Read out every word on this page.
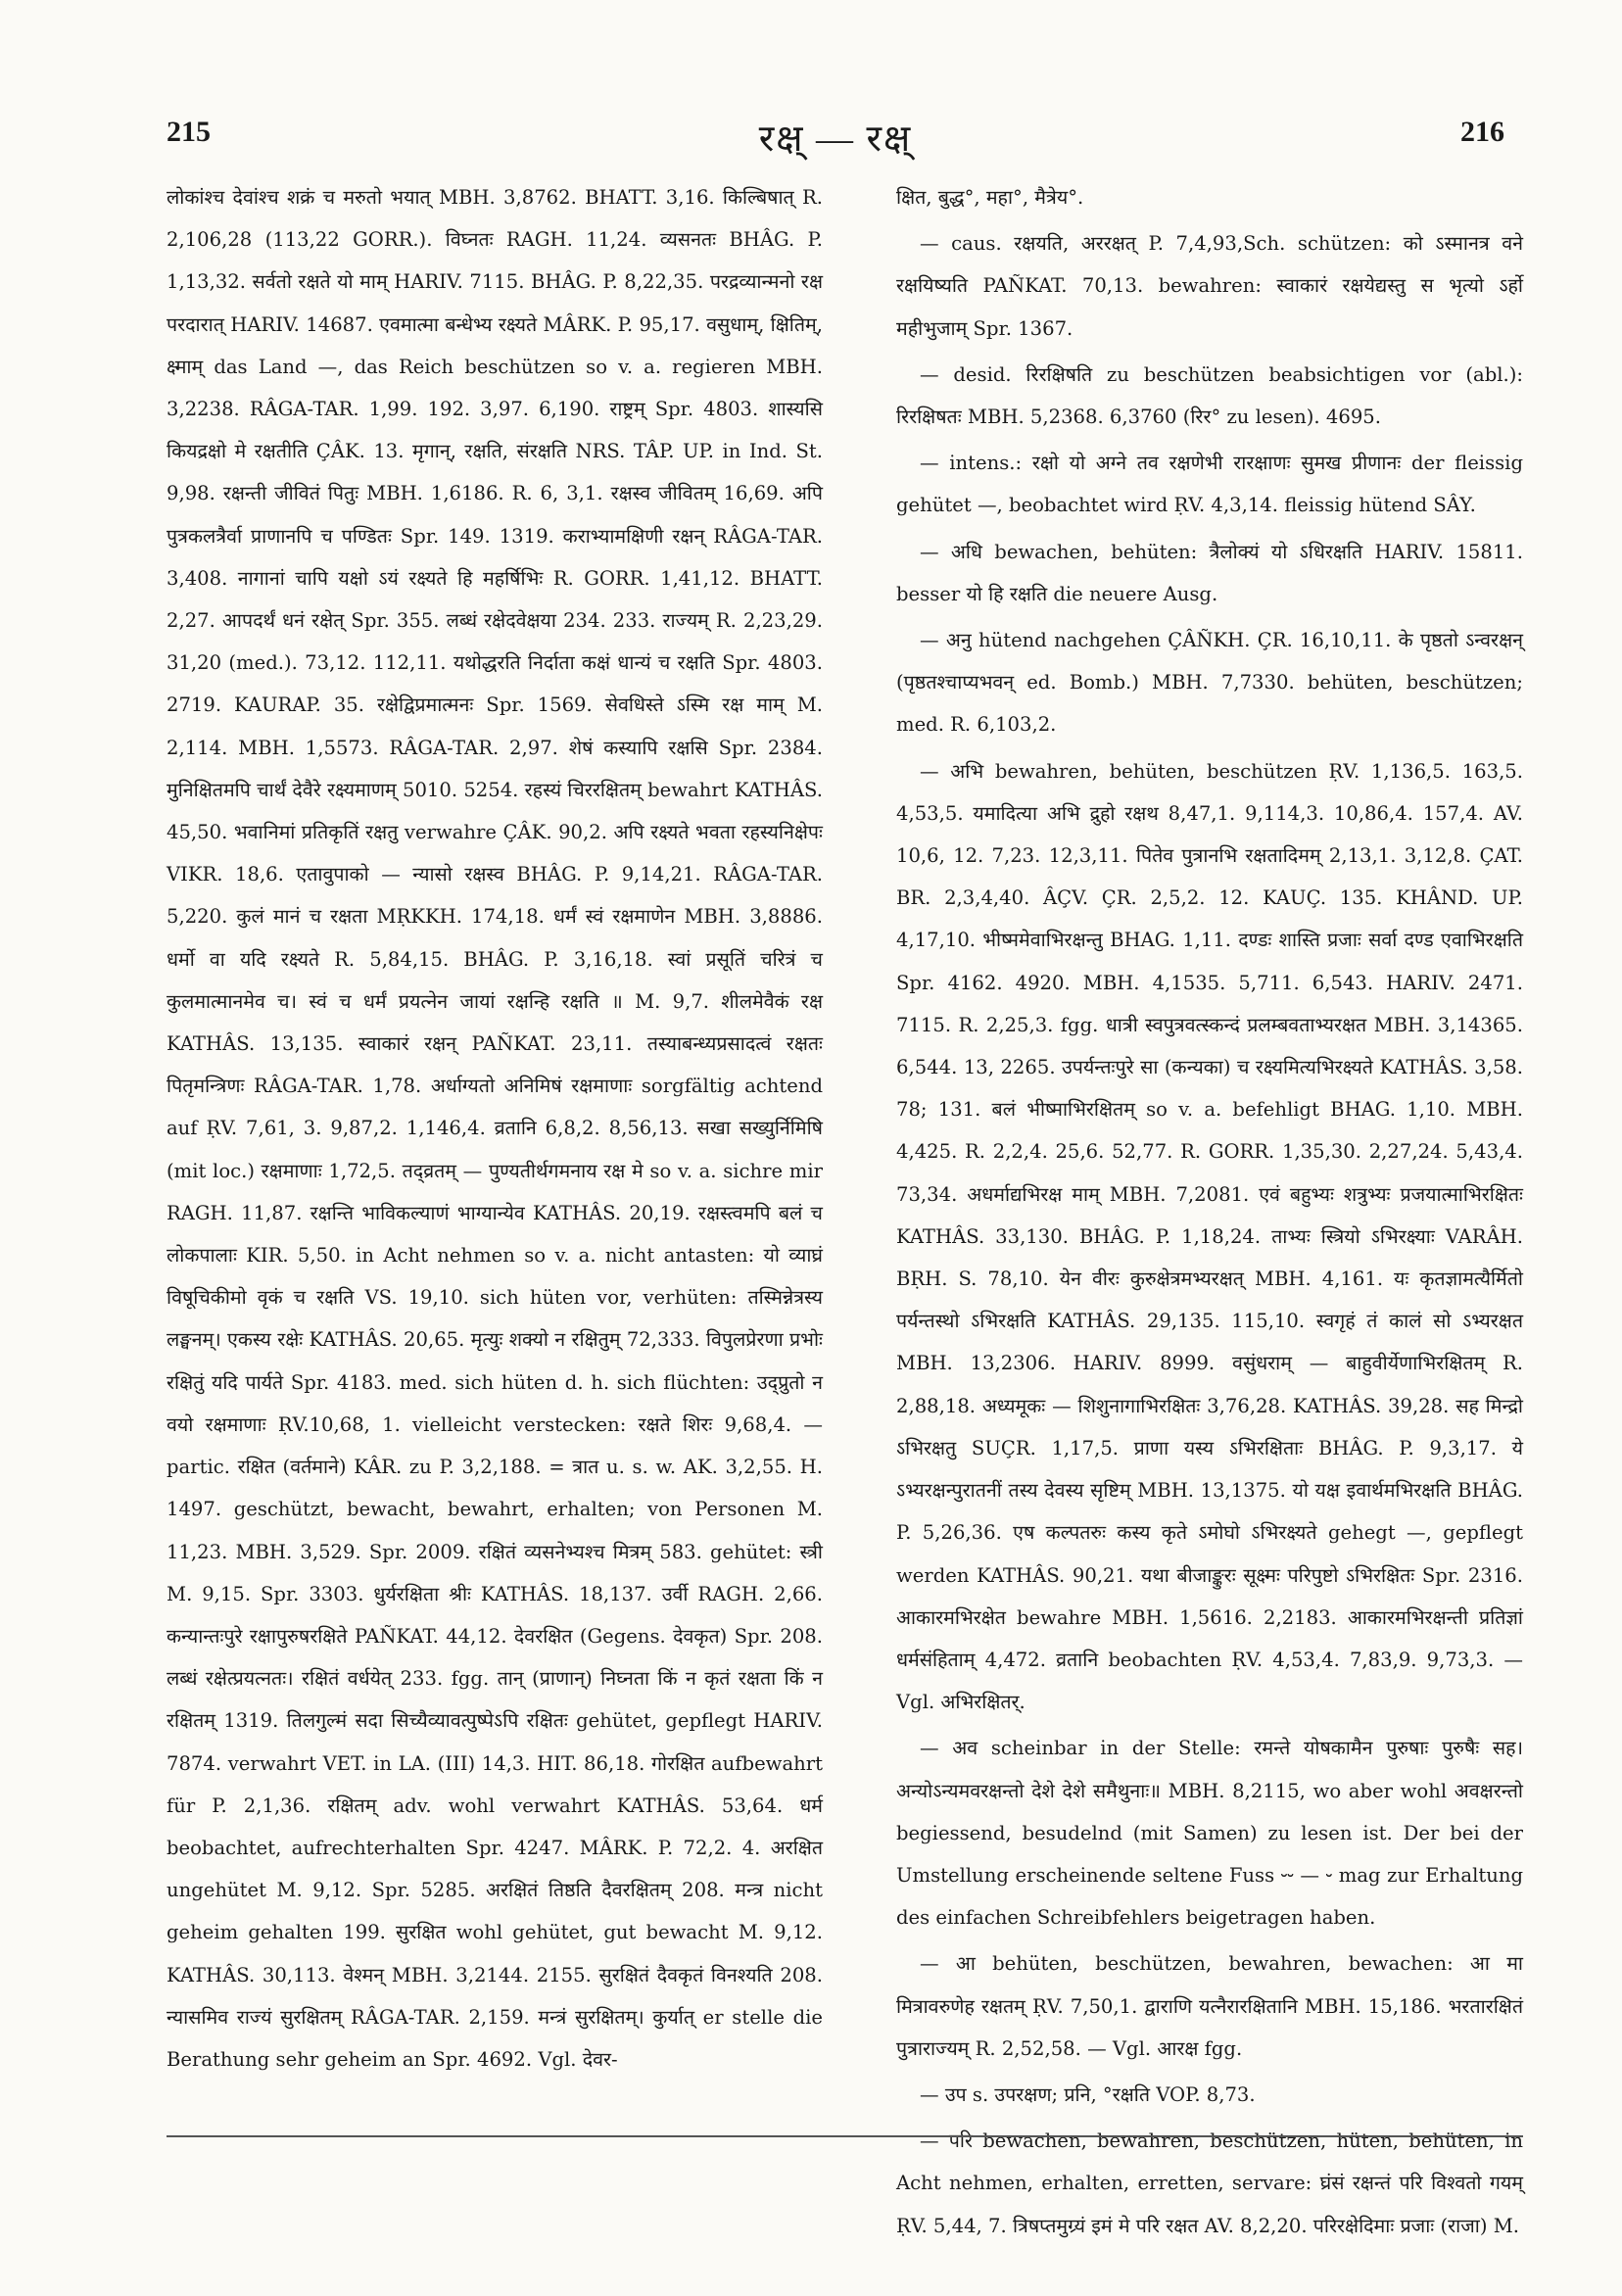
215	रक्ष् — रक्ष्	216

लोकांश्च देवांश्च शक्रं च मरुतो भयात् MBH. 3,8762. BHATT. 3,16. किल्बिषात् R. 2,106,28 (113,22 GORR.). विघ्नतः RAGH. 11,24. व्यसनतः BHÂG. P. 1,13,32. सर्वतो रक्षते यो माम् HARIV. 7115. BHÂG. P. 8,22,35. परद्रव्यान्मनो रक्ष परदारात् HARIV. 14687. एवमात्मा बन्धेभ्य रक्ष्यते MÂRK. P. 95,17. वसुधाम्, क्षितिम्, क्ष्माम् das Land —, das Reich beschützen so v. a. regieren MBH. 3,2238. RÂGA-TAR. 1,99. 192. 3,97. 6,190. राष्ट्रम् Spr. 4803. शास्यसि कियद्रक्षो मे रक्षतीति ÇÂK. 13. मृगान्, रक्षति, संरक्षति NRS. TÂP. UP. in Ind. St. 9,98. रक्षन्ती जीवितं पितुः MBH. 1,6186. R. 6, 3,1. रक्षस्व जीवितम् 16,69. अपि पुत्रकलत्रैर्वा प्राणानपि च पण्डितः Spr. 149. 1319. कराभ्यामक्षिणी रक्षन् RÂGA-TAR. 3,408. नागानां चापि यक्षो ऽयं रक्ष्यते हि महर्षिभिः R. GORR. 1,41,12. BHATT. 2,27. आपदर्थं धनं रक्षेत् Spr. 355. लब्धं रक्षेदवेक्षया 234. 233. राज्यम् R. 2,23,29. 31,20 (med.). 73,12. 112,11. यथोद्धरति निर्दाता कक्षं धान्यं च रक्षति Spr. 4803. 2719. KAURAP. 35. रक्षेद्विप्रमात्मनः Spr. 1569. सेवधिस्ते ऽस्मि रक्ष माम् M. 2,114. MBH. 1,5573. RÂGA-TAR. 2,97. शेषं कस्यापि रक्षसि Spr. 2384. मुनिक्षितमपि चार्थं देवैरे रक्ष्यमाणम् 5010. 5254. रहस्यं चिररक्षितम् bewahrt KATHÂS. 45,50. भवानिमां प्रतिकृतिं रक्षतु verwahre ÇÂK. 90,2. अपि रक्ष्यते भवता रहस्यनिक्षेपः VIKR. 18,6. एतावुपाको — न्यासो रक्षस्व BHÂG. P. 9,14,21. RÂGA-TAR. 5,220. कुलं मानं च रक्षता MṚKKH. 174,18. धर्मं स्वं रक्षमाणेन MBH. 3,8886. धर्मो वा यदि रक्ष्यते R. 5,84,15. BHÂG. P. 3,16,18. स्वां प्रसूतिं चरित्रं च कुलमात्मानमेव च। स्वं च धर्मं प्रयत्नेन जायां रक्षन्हि रक्षति ॥ M. 9,7. शीलमेवैकं रक्ष KATHÂS. 13,135. स्वाकारं रक्षन् PAÑKAT. 23,11. तस्याबन्ध्यप्रसादत्वं रक्षतः पितृमन्त्रिणः RÂGA-TAR. 1,78. अर्धाग्यतो अनिमिषं रक्षमाणाः sorgfältig achtend auf ṚV. 7,61, 3. 9,87,2. 1,146,4. व्रतानि 6,8,2. 8,56,13. सखा सख्युर्निमिषि (mit loc.) रक्षमाणाः 1,72,5. तद्व्रतम् — पुण्यतीर्थगमनाय रक्ष मे so v. a. sichre mir RAGH. 11,87. रक्षन्ति भाविकल्याणं भाग्यान्येव KATHÂS. 20,19. रक्षस्त्वमपि बलं च लोकपालाः KIR. 5,50. in Acht nehmen so v. a. nicht antasten: यो व्याघ्रं विषूचिकीमो वृकं च रक्षति VS. 19,10. sich hüten vor, verhüten: तस्मिन्नेत्रस्य लङ्घनम्। एकस्य रक्षेः KATHÂS. 20,65. मृत्युः शक्यो न रक्षितुम् 72,333. विपुलप्रेरणा प्रभोः रक्षितुं यदि पार्यते Spr. 4183. med. sich hüten d. h. sich flüchten: उद्प्रुतो न वयो रक्षमाणाः ṚV.10,68, 1. vielleicht verstecken: रक्षते शिरः 9,68,4. — partic. रक्षित (वर्तमाने) KÂR. zu P. 3,2,188. = त्रात u. s. w. AK. 3,2,55. H. 1497. geschützt, bewacht, bewahrt, erhalten; von Personen M. 11,23. MBH. 3,529. Spr. 2009. रक्षितं व्यसनेभ्यश्च मित्रम् 583. gehütet: स्त्री M. 9,15. Spr. 3303. धुर्यरक्षिता श्रीः KATHÂS. 18,137. उर्वी RAGH. 2,66. कन्यान्तःपुरे रक्षापुरुषरक्षिते PAÑKAT. 44,12. देवरक्षित (Gegens. देवकृत) Spr. 208. लब्धं रक्षेत्प्रयत्नतः। रक्षितं वर्धयेत् 233. fgg. तान् (प्राणान्) निघ्नता किं न कृतं रक्षता किं न रक्षितम् 1319. तिलगुल्मं सदा सिच्यैव्यावत्पुष्पेऽपि रक्षितः gehütet, gepflegt HARIV. 7874. verwahrt VET. in LA. (III) 14,3. HIT. 86,18. गोरक्षित aufbewahrt für P. 2,1,36. रक्षितम् adv. wohl verwahrt KATHÂS. 53,64. धर्म beobachtet, aufrechterhalten Spr. 4247. MÂRK. P. 72,2. 4. अरक्षित ungehütet M. 9,12. Spr. 5285. अरक्षितं तिष्ठति दैवरक्षितम् 208. मन्त्र nicht geheim gehalten 199. सुरक्षित wohl gehütet, gut bewacht M. 9,12. KATHÂS. 30,113. वेश्मन् MBH. 3,2144. 2155. सुरक्षितं दैवकृतं विनश्यति 208. न्यासमिव राज्यं सुरक्षितम् RÂGA-TAR. 2,159. मन्त्रं सुरक्षितम्। कुर्यात् er stelle die Berathung sehr geheim an Spr. 4692. Vgl. देवर-

क्षित, बुद्ध°, महा°, मैत्रेय°.

— caus. रक्षयति, अररक्षत् P. 7,4,93,Sch. schützen: को ऽस्मानत्र वने रक्षयिष्यति PAÑKAT. 70,13. bewahren: स्वाकारं रक्षयेद्यस्तु स भृत्यो ऽर्हो महीभुजाम् Spr. 1367.

— desid. रिरक्षिषति zu beschützen beabsichtigen vor (abl.): रिरक्षिषतः MBH. 5,2368. 6,3760 (रिर° zu lesen). 4695.

— intens.: रक्षो यो अग्ने तव रक्षणेभी रारक्षाणः सुमख प्रीणानः der fleissig gehütet —, beobachtet wird ṚV. 4,3,14. fleissig hütend SÂY.

— अधि bewachen, behüten: त्रैलोक्यं यो ऽधिरक्षति HARIV. 15811. besser यो हि रक्षति die neuere Ausg.

— अनु hütend nachgehen ÇÂÑKH. ÇR. 16,10,11. के पृष्ठतो ऽन्वरक्षन् (पृष्ठतश्चाप्यभवन् ed. Bomb.) MBH. 7,7330. behüten, beschützen; med. R. 6,103,2.

— अभि bewahren, behüten, beschützen ṚV. 1,136,5. 163,5. 4,53,5. यमादित्या अभि द्रुहो रक्षथ 8,47,1. 9,114,3. 10,86,4. 157,4. AV. 10,6, 12. 7,23. 12,3,11. पितेव पुत्रानभि रक्षतादिमम् 2,13,1. 3,12,8. ÇAT. BR. 2,3,4,40. ÂÇV. ÇR. 2,5,2. 12. KAUÇ. 135. KHÂND. UP. 4,17,10. भीष्ममेवाभिरक्षन्तु BHAG. 1,11. दण्डः शास्ति प्रजाः सर्वा दण्ड एवाभिरक्षति Spr. 4162. 4920. MBH. 4,1535. 5,711. 6,543. HARIV. 2471. 7115. R. 2,25,3. fgg. धात्री स्वपुत्रवत्स्कन्दं प्रलम्बवताभ्यरक्षत MBH. 3,14365. 6,544. 13, 2265. उपर्यन्तःपुरे सा (कन्यका) च रक्ष्यमित्यभिरक्ष्यते KATHÂS. 3,58. 78; 131. बलं भीष्माभिरक्षितम् so v. a. befehligt BHAG. 1,10. MBH. 4,425. R. 2,2,4. 25,6. 52,77. R. GORR. 1,35,30. 2,27,24. 5,43,4. 73,34. अधर्माद्यभिरक्ष माम् MBH. 7,2081. एवं बहुभ्यः शत्रुभ्यः प्रजयात्माभिरक्षितः KATHÂS. 33,130. BHÂG. P. 1,18,24. ताभ्यः स्त्रियो ऽभिरक्ष्याः VARÂH. BṚH. S. 78,10. येन वीरः कुरुक्षेत्रमभ्यरक्षत् MBH. 4,161. यः कृतज्ञामत्यैर्मितो पर्यन्तस्थो ऽभिरक्षति KATHÂS. 29,135. 115,10. स्वगृहं तं कालं सो ऽभ्यरक्षत MBH. 13,2306. HARIV. 8999. वसुंधराम् — बाहुवीर्येणाभिरक्षितम् R. 2,88,18. अध्यमूकः — शिशुनागाभिरक्षितः 3,76,28. KATHÂS. 39,28. सह मिन्द्रो ऽभिरक्षतु SUÇR. 1,17,5. प्राणा यस्य ऽभिरक्षिताः BHÂG. P. 9,3,17. ये ऽभ्यरक्षन्पुरातनीं तस्य देवस्य सृष्टिम् MBH. 13,1375. यो यक्ष इवार्थमभिरक्षति BHÂG. P. 5,26,36. एष कल्पतरुः कस्य कृते ऽमोघो ऽभिरक्ष्यते gehegt —, gepflegt werden KATHÂS. 90,21. यथा बीजाङ्कुरः सूक्ष्मः परिपुष्टो ऽभिरक्षितः Spr. 2316. आकारमभिरक्षेत bewahre MBH. 1,5616. 2,2183. आकारमभिरक्षन्ती प्रतिज्ञां धर्मसंहिताम् 4,472. व्रतानि beobachten ṚV. 4,53,4. 7,83,9. 9,73,3. — Vgl. अभिरक्षितर्.

— अव scheinbar in der Stelle: रमन्ते योषकामैन पुरुषाः पुरुषैः सह। अन्योऽन्यमवरक्षन्तो देशे देशे समैथुनाः॥ MBH. 8,2115, wo aber wohl अवक्षरन्तो begiessend, besudelnd (mit Samen) zu lesen ist. Der bei der Umstellung erscheinende seltene Fuss ⏑⏑ — ⏑ mag zur Erhaltung des einfachen Schreibfehlers beigetragen haben.

— आ behüten, beschützen, bewahren, bewachen: आ मा मित्रावरुणेह रक्षतम् ṚV. 7,50,1. द्वाराणि यत्नैरारक्षितानि MBH. 15,186. भरतारक्षितं पुत्राराज्यम् R. 2,52,58. — Vgl. आरक्ष fgg.

— उप s. उपरक्षण; प्रनि, °रक्षति VOP. 8,73.

— परि bewachen, bewahren, beschützen, hüten, behüten, in Acht nehmen, erhalten, erretten, servare: घ्रंसं रक्षन्तं परि विश्वतो गयम् ṚV. 5,44, 7. त्रिषप्तमुग्र्यं इमं मे परि रक्षत AV. 8,2,20. परिरक्षेदिमाः प्रजाः (राजा) M.
